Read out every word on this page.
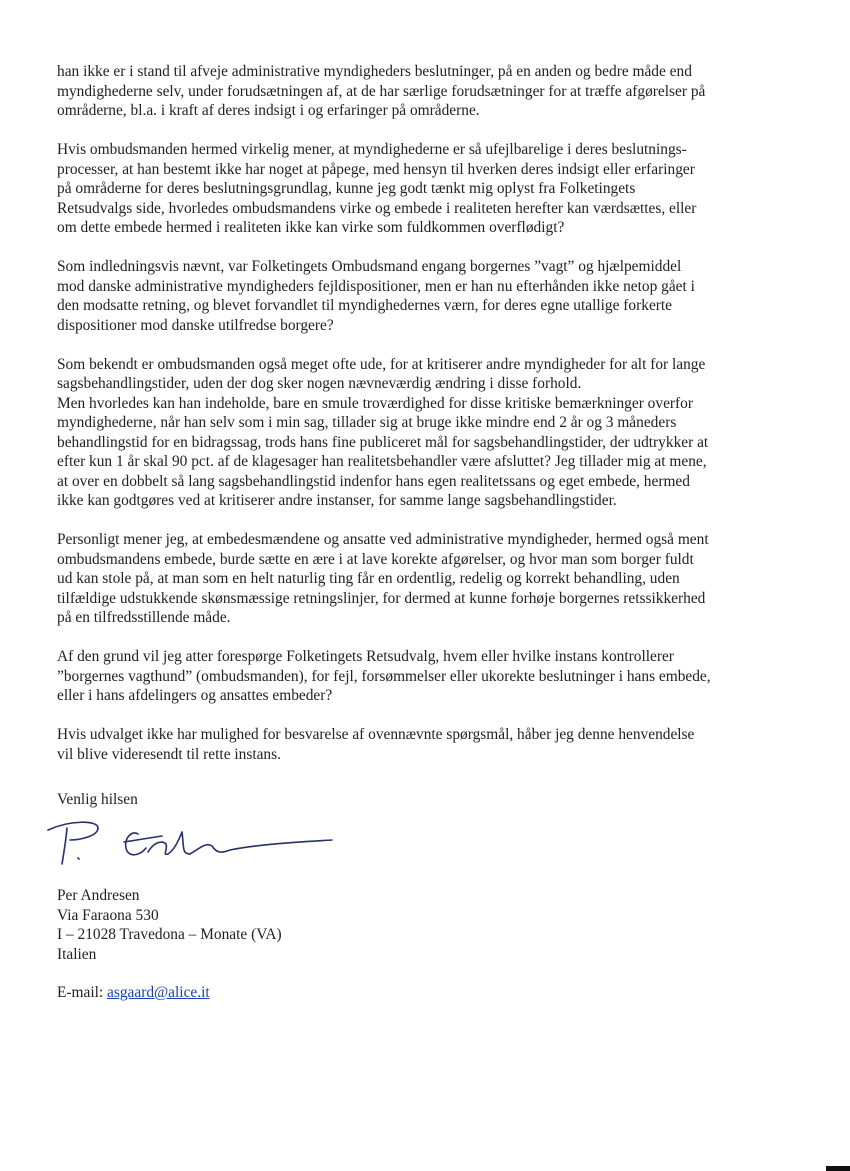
han ikke er i stand til afveje administrative myndigheders beslutninger, på en anden og bedre måde end
myndighederne selv, under forudsætningen af, at de har særlige forudsætninger for at træffe afgørelser på
områderne, bl.a. i kraft af deres indsigt i og erfaringer på områderne.

Hvis ombudsmanden hermed virkelig mener, at myndighederne er så ufejlbarelige i deres beslutnings-
processer, at han bestemt ikke har noget at påpege, med hensyn til hverken deres indsigt eller erfaringer
på områderne for deres beslutningsgrundlag, kunne jeg godt tænkt mig oplyst fra Folketingets
Retsudvalgs side, hvorledes ombudsmandens virke og embede i realiteten herefter kan værdsættes, eller
om dette embede hermed i realiteten ikke kan virke som fuldkommen overflødigt?

Som indledningsvis nævnt, var Folketingets Ombudsmand engang borgernes ”vagt” og hjælpemiddel
mod danske administrative myndigheders fejldispositioner, men er han nu efterhånden ikke netop gået i
den modsatte retning, og blevet forvandlet til myndighedernes værn, for deres egne utallige forkerte
dispositioner mod danske utilfredse borgere?

Som bekendt er ombudsmanden også meget ofte ude, for at kritiserer andre myndigheder for alt for lange
sagsbehandlingstider, uden der dog sker nogen nævneværdig ændring i disse forhold.
Men hvorledes kan han indeholde, bare en smule troværdighed for disse kritiske bemærkninger overfor
myndighederne, når han selv som i min sag, tillader sig at bruge ikke mindre end 2 år og 3 måneders
behandlingstid for en bidragssag, trods hans fine publiceret mål for sagsbehandlingstider, der udtrykker at
efter kun 1 år skal 90 pct. af de klagesager han realitetsbehandler være afsluttet? Jeg tillader mig at mene,
at over en dobbelt så lang sagsbehandlingstid indenfor hans egen realitetssans og eget embede, hermed
ikke kan godtgøres ved at kritiserer andre instanser, for samme lange sagsbehandlingstider.

Personligt mener jeg, at embedesmændene og ansatte ved administrative myndigheder, hermed også ment
ombudsmandens embede, burde sætte en ære i at lave korekte afgørelser, og hvor man som borger fuldt
ud kan stole på, at man som en helt naturlig ting får en ordentlig, redelig og korrekt behandling, uden
tilfældige udstukkende skønsmæssige retningslinjer, for dermed at kunne forhøje borgernes retssikkerhed
på en tilfredsstillende måde.

Af den grund vil jeg atter forespørge Folketingets Retsudvalg, hvem eller hvilke instans kontrollerer
”borgernes vagthund” (ombudsmanden), for fejl, forsømmelser eller ukorekte beslutninger i hans embede,
eller i hans afdelingers og ansattes embeder?

Hvis udvalget ikke har mulighed for besvarelse af ovennævnte spørgsmål, håber jeg denne henvendelse
vil blive videresendt til rette instans.

Venlig hilsen
Per Andresen
Via Faraona 530
I – 21028 Travedona – Monate (VA)
Italien
E-mail: asgaard@alice.it
